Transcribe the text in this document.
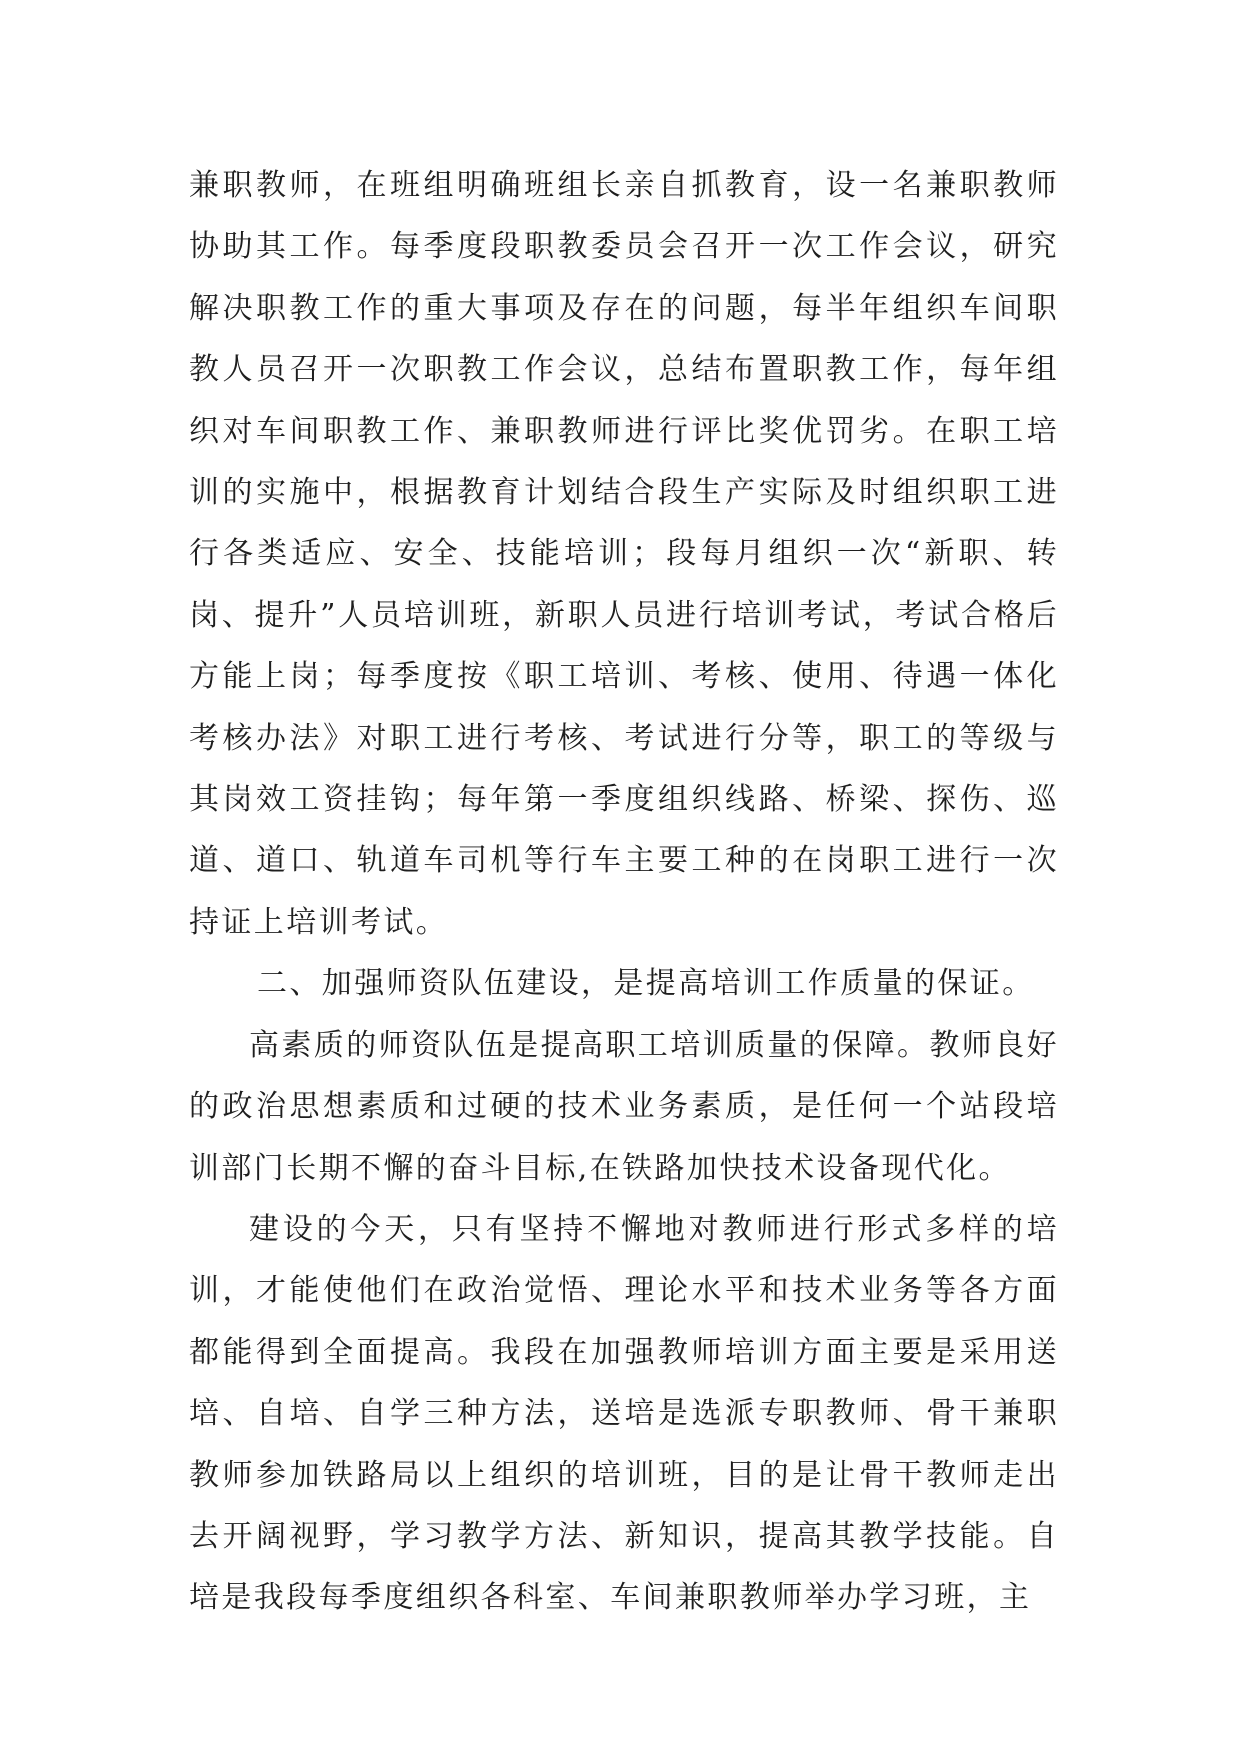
兼职教师，在班组明确班组长亲自抓教育，设一名兼职教师协助其工作。每季度段职教委员会召开一次工作会议，研究解决职教工作的重大事项及存在的问题，每半年组织车间职教人员召开一次职教工作会议，总结布置职教工作，每年组织对车间职教工作、兼职教师进行评比奖优罚劣。在职工培训的实施中，根据教育计划结合段生产实际及时组织职工进行各类适应、安全、技能培训；段每月组织一次“新职、转岗、提升”人员培训班，新职人员进行培训考试，考试合格后方能上岗；每季度按《职工培训、考核、使用、待遇一体化考核办法》对职工进行考核、考试进行分等，职工的等级与其岗效工资挂钩；每年第一季度组织线路、桥梁、探伤、巡道、道口、轨道车司机等行车主要工种的在岗职工进行一次持证上培训考试。

二、加强师资队伍建设，是提高培训工作质量的保证。

高素质的师资队伍是提高职工培训质量的保障。教师良好的政治思想素质和过硬的技术业务素质，是任何一个站段培训部门长期不懈的奋斗目标,在铁路加快技术设备现代化。

建设的今天，只有坚持不懈地对教师进行形式多样的培训，才能使他们在政治觉悟、理论水平和技术业务等各方面都能得到全面提高。我段在加强教师培训方面主要是采用送培、自培、自学三种方法，送培是选派专职教师、骨干兼职教师参加铁路局以上组织的培训班，目的是让骨干教师走出去开阔视野，学习教学方法、新知识，提高其教学技能。自培是我段每季度组织各科室、车间兼职教师举办学习班，主
